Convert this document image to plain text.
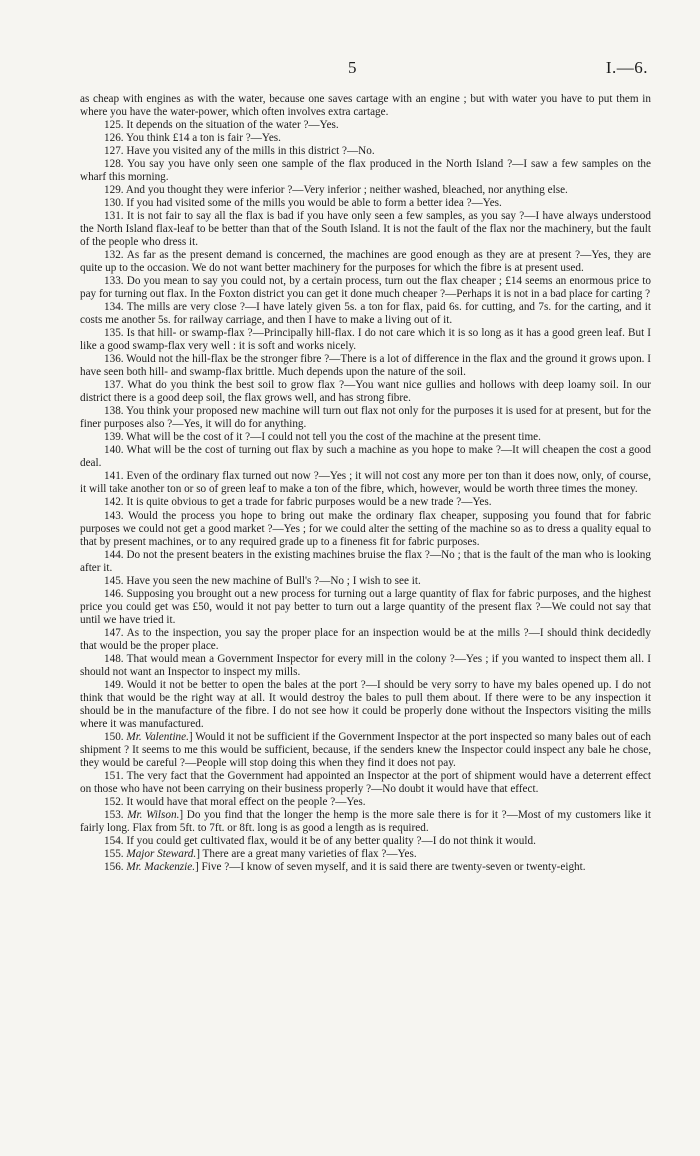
5	I.—6.

as cheap with engines as with the water, because one saves cartage with an engine ; but with water you have to put them in where you have the water-power, which often involves extra cartage.

125. It depends on the situation of the water ?—Yes.

126. You think £14 a ton is fair ?—Yes.

127. Have you visited any of the mills in this district ?—No.

128. You say you have only seen one sample of the flax produced in the North Island ?—I saw a few samples on the wharf this morning.

129. And you thought they were inferior ?—Very inferior ; neither washed, bleached, nor anything else.

130. If you had visited some of the mills you would be able to form a better idea ?—Yes.

131. It is not fair to say all the flax is bad if you have only seen a few samples, as you say ?—I have always understood the North Island flax-leaf to be better than that of the South Island. It is not the fault of the flax nor the machinery, but the fault of the people who dress it.

132. As far as the present demand is concerned, the machines are good enough as they are at present ?—Yes, they are quite up to the occasion. We do not want better machinery for the purposes for which the fibre is at present used.

133. Do you mean to say you could not, by a certain process, turn out the flax cheaper ; £14 seems an enormous price to pay for turning out flax. In the Foxton district you can get it done much cheaper ?—Perhaps it is not in a bad place for carting ?

134. The mills are very close ?—I have lately given 5s. a ton for flax, paid 6s. for cutting, and 7s. for the carting, and it costs me another 5s. for railway carriage, and then I have to make a living out of it.

135. Is that hill- or swamp-flax ?—Principally hill-flax. I do not care which it is so long as it has a good green leaf. But I like a good swamp-flax very well : it is soft and works nicely.

136. Would not the hill-flax be the stronger fibre ?—There is a lot of difference in the flax and the ground it grows upon. I have seen both hill- and swamp-flax brittle. Much depends upon the nature of the soil.

137. What do you think the best soil to grow flax ?—You want nice gullies and hollows with deep loamy soil. In our district there is a good deep soil, the flax grows well, and has strong fibre.

138. You think your proposed new machine will turn out flax not only for the purposes it is used for at present, but for the finer purposes also ?—Yes, it will do for anything.

139. What will be the cost of it ?—I could not tell you the cost of the machine at the present time.

140. What will be the cost of turning out flax by such a machine as you hope to make ?—It will cheapen the cost a good deal.

141. Even of the ordinary flax turned out now ?—Yes ; it will not cost any more per ton than it does now, only, of course, it will take another ton or so of green leaf to make a ton of the fibre, which, however, would be worth three times the money.

142. It is quite obvious to get a trade for fabric purposes would be a new trade ?—Yes.

143. Would the process you hope to bring out make the ordinary flax cheaper, supposing you found that for fabric purposes we could not get a good market ?—Yes ; for we could alter the setting of the machine so as to dress a quality equal to that by present machines, or to any required grade up to a fineness fit for fabric purposes.

144. Do not the present beaters in the existing machines bruise the flax ?—No ; that is the fault of the man who is looking after it.

145. Have you seen the new machine of Bull's ?—No ; I wish to see it.

146. Supposing you brought out a new process for turning out a large quantity of flax for fabric purposes, and the highest price you could get was £50, would it not pay better to turn out a large quantity of the present flax ?—We could not say that until we have tried it.

147. As to the inspection, you say the proper place for an inspection would be at the mills ?—I should think decidedly that would be the proper place.

148. That would mean a Government Inspector for every mill in the colony ?—Yes ; if you wanted to inspect them all. I should not want an Inspector to inspect my mills.

149. Would it not be better to open the bales at the port ?—I should be very sorry to have my bales opened up. I do not think that would be the right way at all. It would destroy the bales to pull them about. If there were to be any inspection it should be in the manufacture of the fibre. I do not see how it could be properly done without the Inspectors visiting the mills where it was manufactured.

150. Mr. Valentine.] Would it not be sufficient if the Government Inspector at the port inspected so many bales out of each shipment ? It seems to me this would be sufficient, because, if the senders knew the Inspector could inspect any bale he chose, they would be careful ?—People will stop doing this when they find it does not pay.

151. The very fact that the Government had appointed an Inspector at the port of shipment would have a deterrent effect on those who have not been carrying on their business properly ?—No doubt it would have that effect.

152. It would have that moral effect on the people ?—Yes.

153. Mr. Wilson.] Do you find that the longer the hemp is the more sale there is for it ?—Most of my customers like it fairly long. Flax from 5ft. to 7ft. or 8ft. long is as good a length as is required.

154. If you could get cultivated flax, would it be of any better quality ?—I do not think it would.

155. Major Steward.] There are a great many varieties of flax ?—Yes.

156. Mr. Mackenzie.] Five ?—I know of seven myself, and it is said there are twenty-seven or twenty-eight.
